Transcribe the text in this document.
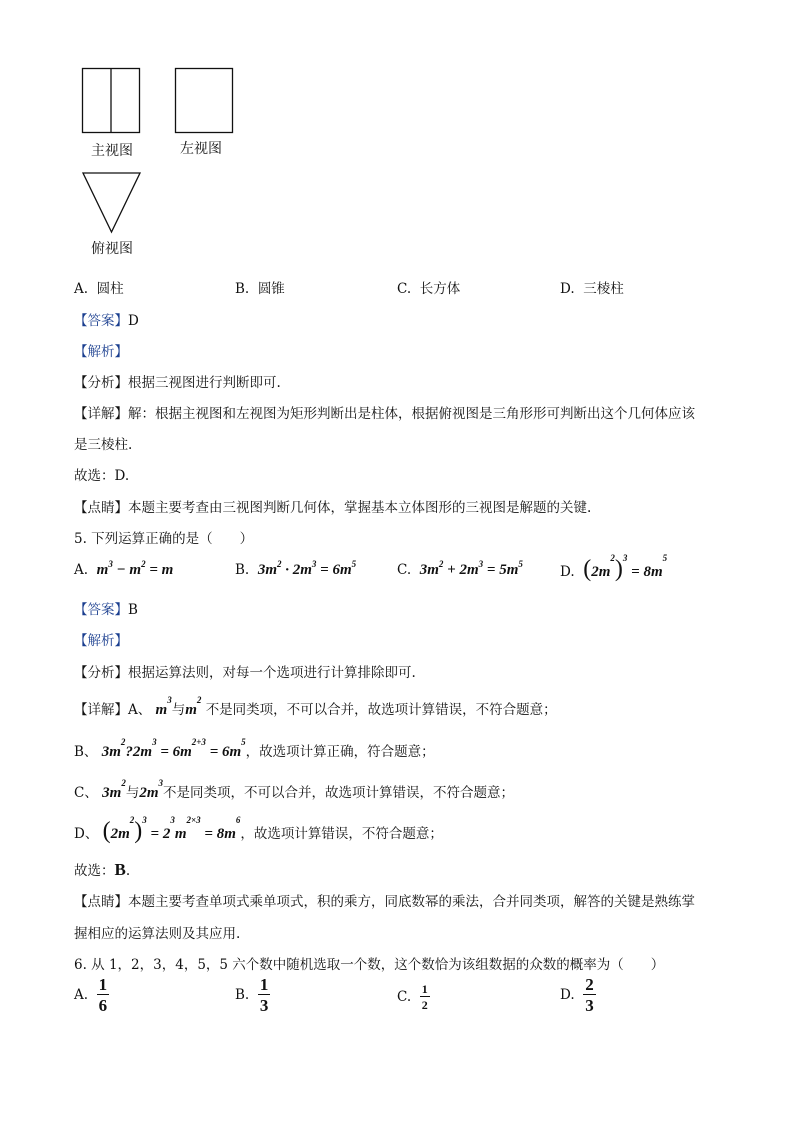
主视图	左视图
俯视图
A. 圆柱	B. 圆锥	C. 长方体	D. 三棱柱
【答案】D
【解析】
【分析】根据三视图进行判断即可.
【详解】解：根据主视图和左视图为矩形判断出是柱体，根据俯视图是三角形形可判断出这个几何体应该
是三棱柱.
故选：D.
【点睛】本题主要考查由三视图判断几何体，掌握基本立体图形的三视图是解题的关键.
5. 下列运算正确的是（　　）
A. $m^3 - m^2 = m$	B. $3m^2 \cdot 2m^3 = 6m^5$	C. $3m^2 + 2m^3 = 5m^5$	D. $(2m^2)^3 = 8m^5$
【答案】B
【解析】
【分析】根据运算法则，对每一个选项进行计算排除即可.
【详解】A、 $m^3$与$m^2$ 不是同类项，不可以合并，故选项计算错误，不符合题意；
B、 $3m^2?2m^3 = 6m^{2+3} = 6m^5$，故选项计算正确，符合题意；
C、 $3m^2$与$2m^3$不是同类项，不可以合并，故选项计算错误，不符合题意；
D、 $(2m^2)^3 = 2^3m^{2\times 3} = 8m^6$，故选项计算错误，不符合题意；
故选：B.
【点睛】本题主要考查单项式乘单项式，积的乘方，同底数幂的乘法，合并同类项，解答的关键是熟练掌
握相应的运算法则及其应用.
6. 从 1，2，3，4，5，5 六个数中随机选取一个数，这个数恰为该组数据的众数的概率为（　　）
A. $\frac{1}{6}$	B. $\frac{1}{3}$	C. $\frac{1}{2}$	D. $\frac{2}{3}$
